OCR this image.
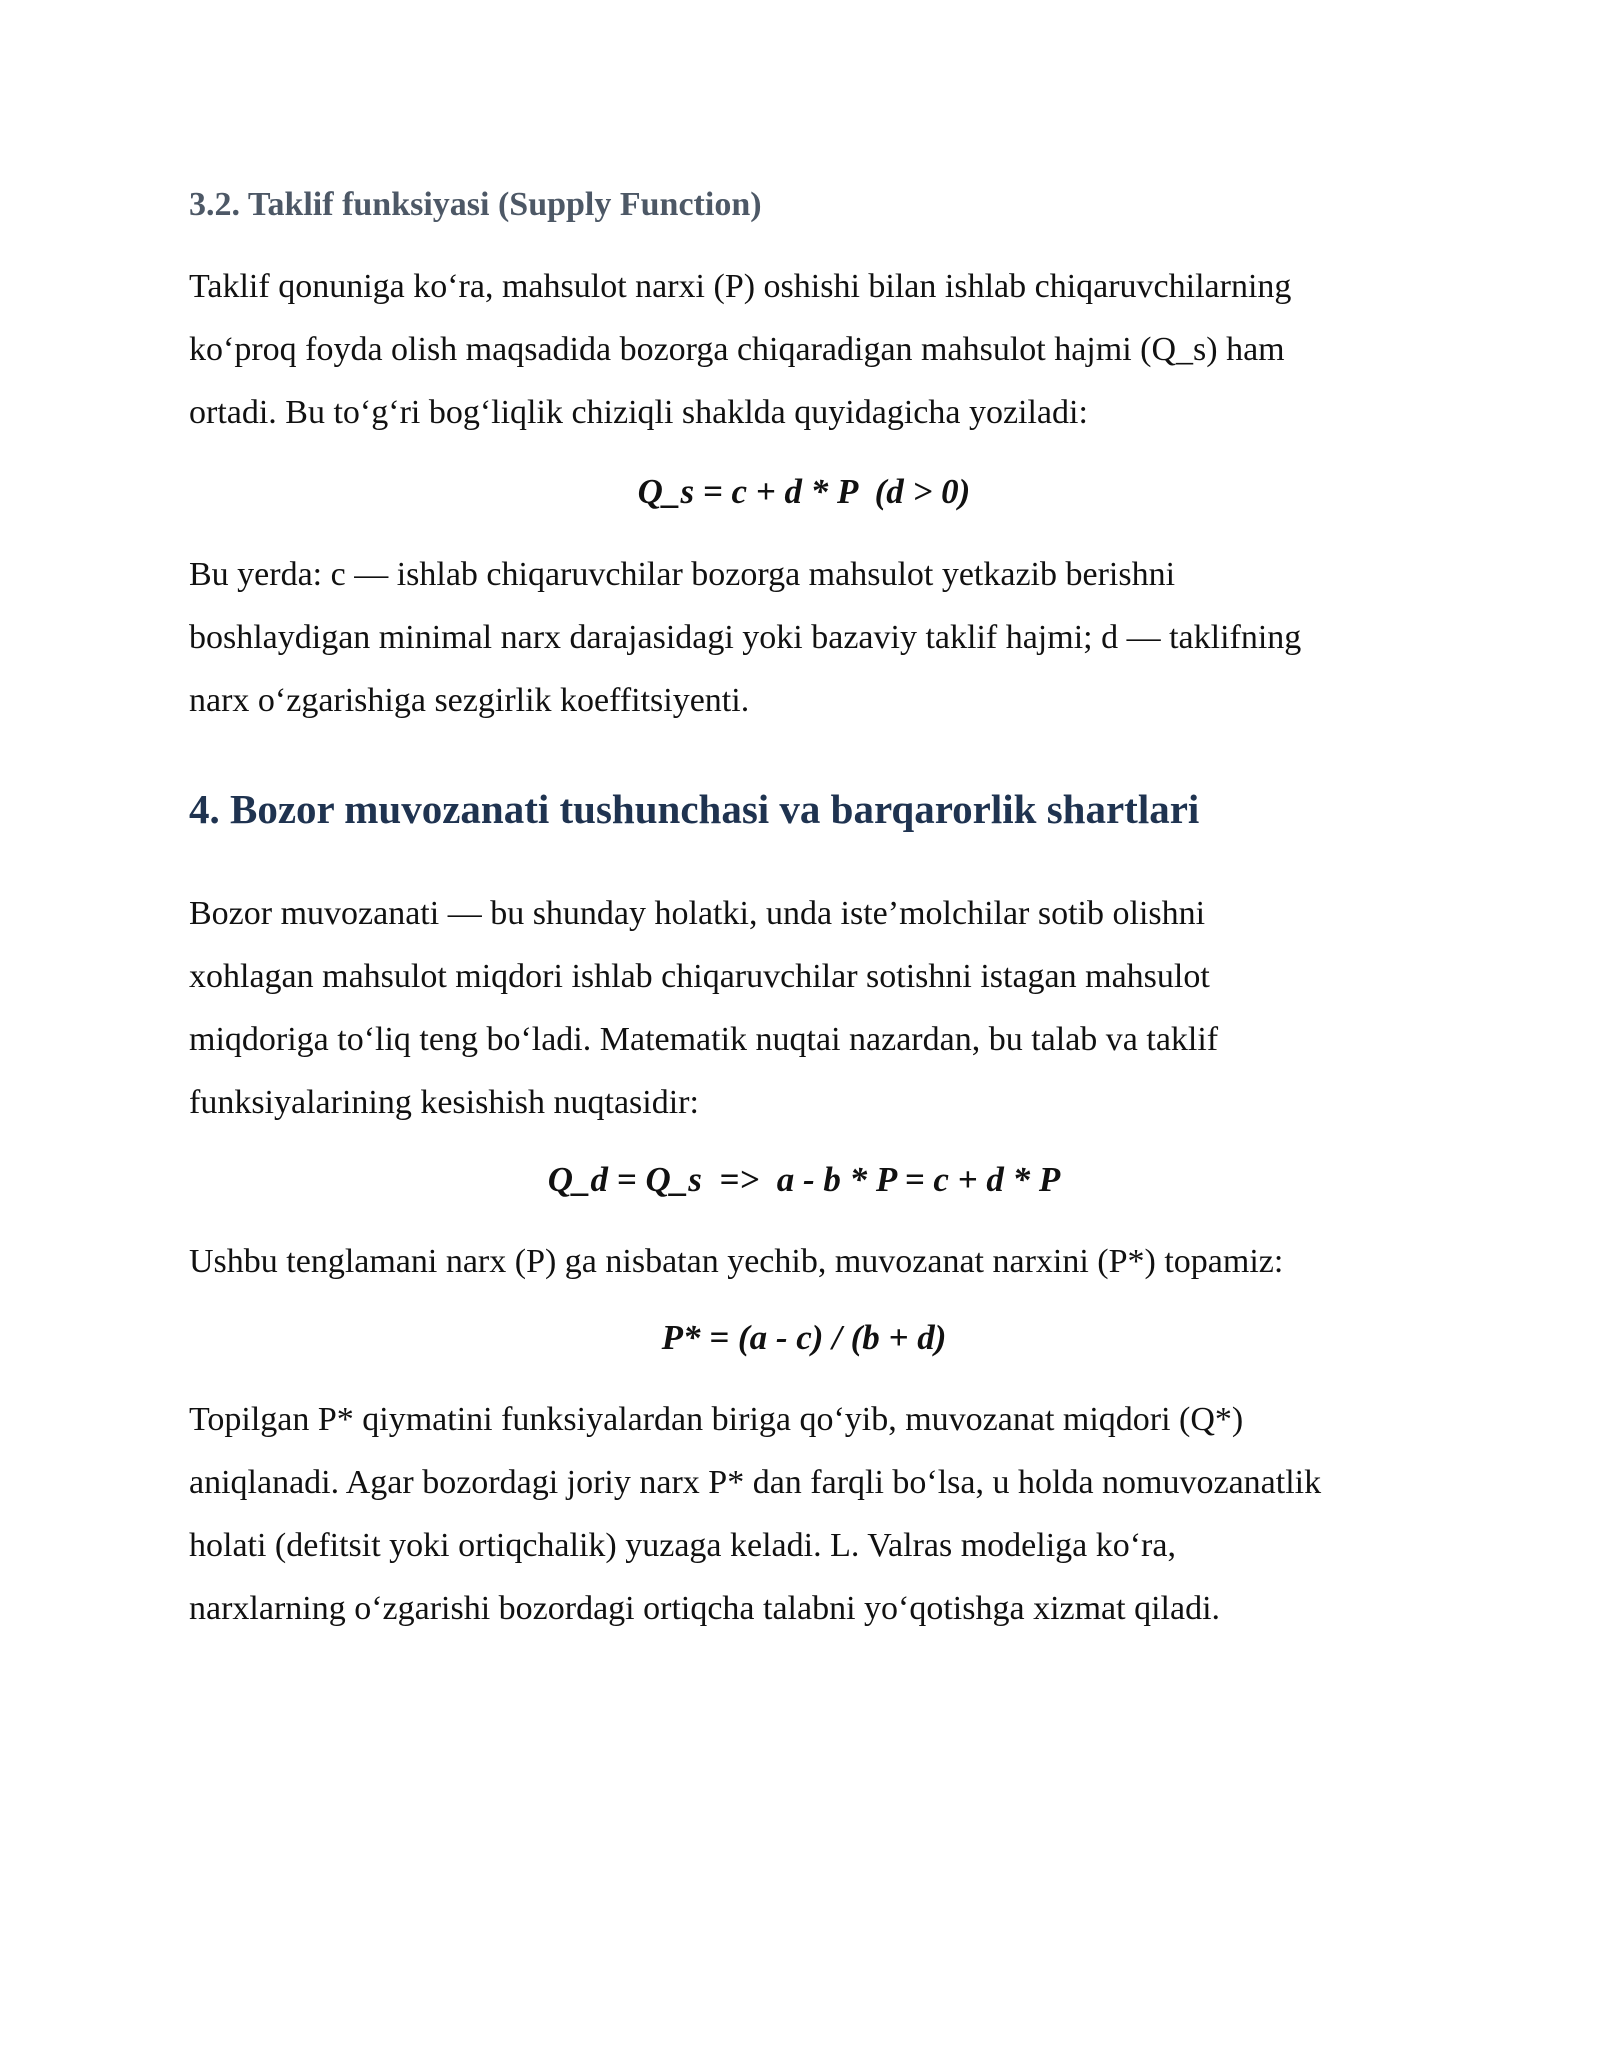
3.2. Taklif funksiyasi (Supply Function)

Taklif qonuniga ko‘ra, mahsulot narxi (P) oshishi bilan ishlab chiqaruvchilarning
ko‘proq foyda olish maqsadida bozorga chiqaradigan mahsulot hajmi (Q_s) ham
ortadi. Bu to‘g‘ri bog‘liqlik chiziqli shaklda quyidagicha yoziladi:

Q_s = c + d * P  (d > 0)

Bu yerda: c — ishlab chiqaruvchilar bozorga mahsulot yetkazib berishni
boshlaydigan minimal narx darajasidagi yoki bazaviy taklif hajmi; d — taklifning
narx o‘zgarishiga sezgirlik koeffitsiyenti.

4. Bozor muvozanati tushunchasi va barqarorlik shartlari

Bozor muvozanati — bu shunday holatki, unda iste’molchilar sotib olishni
xohlagan mahsulot miqdori ishlab chiqaruvchilar sotishni istagan mahsulot
miqdoriga to‘liq teng bo‘ladi. Matematik nuqtai nazardan, bu talab va taklif
funksiyalarining kesishish nuqtasidir:

Q_d = Q_s  =>  a - b * P = c + d * P

Ushbu tenglamani narx (P) ga nisbatan yechib, muvozanat narxini (P*) topamiz:

P* = (a - c) / (b + d)

Topilgan P* qiymatini funksiyalardan biriga qo‘yib, muvozanat miqdori (Q*)
aniqlanadi. Agar bozordagi joriy narx P* dan farqli bo‘lsa, u holda nomuvozanatlik
holati (defitsit yoki ortiqchalik) yuzaga keladi. L. Valras modeliga ko‘ra,
narxlarning o‘zgarishi bozordagi ortiqcha talabni yo‘qotishga xizmat qiladi.
